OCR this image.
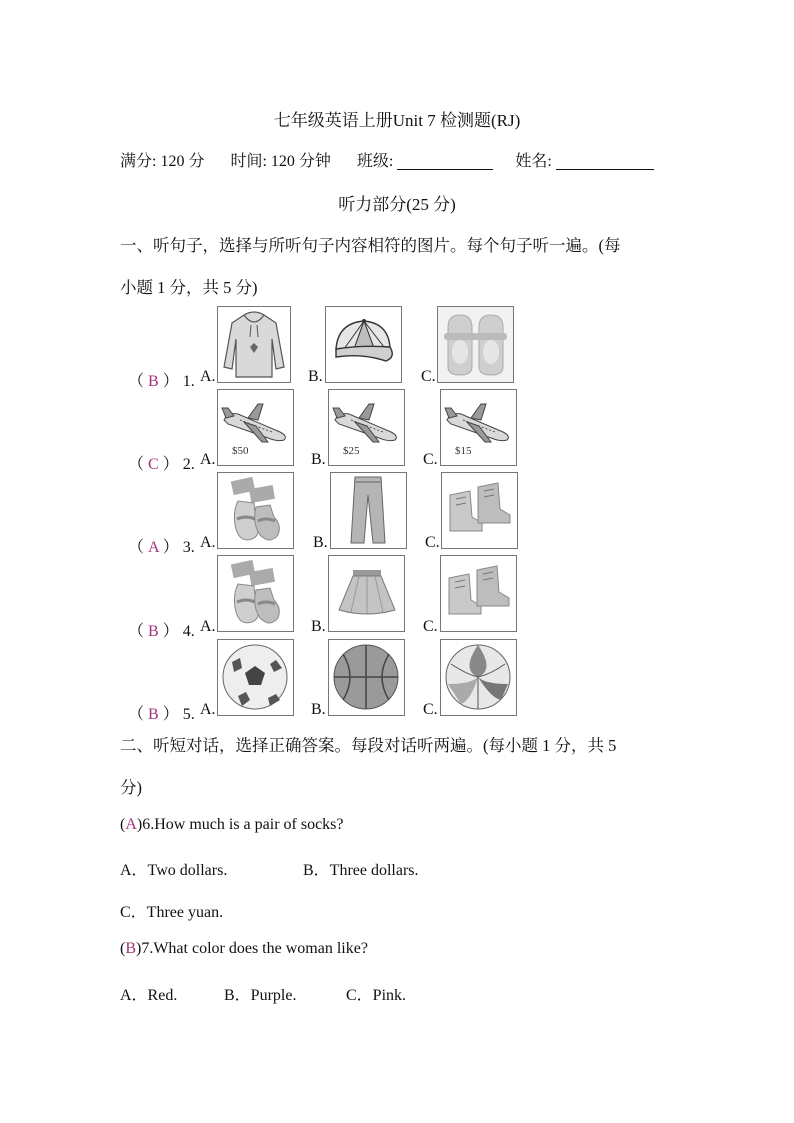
七年级英语上册Unit 7 检测题(RJ)
满分: 120 分 时间: 120 分钟 班级:	姓名:
听力部分(25 分)
一、听句子，选择与所听句子内容相符的图片。每个句子听一遍。(每
小题 1 分，共 5 分)
（ B ） 1. A.	B.	C.
（ C ） 2. A. $50	B. $25	C. $15
（ A ） 3. A.	B.	C.
（ B ） 4. A.	B.	C.
（ B ） 5. A.	B.	C.
二、听短对话，选择正确答案。每段对话听两遍。(每小题 1 分，共 5
分)
(A)6.How much is a pair of socks?
A．Two dollars.	B．Three dollars.
C．Three yuan.
(B)7.What color does the woman like?
A．Red.	B．Purple.	C．Pink.
